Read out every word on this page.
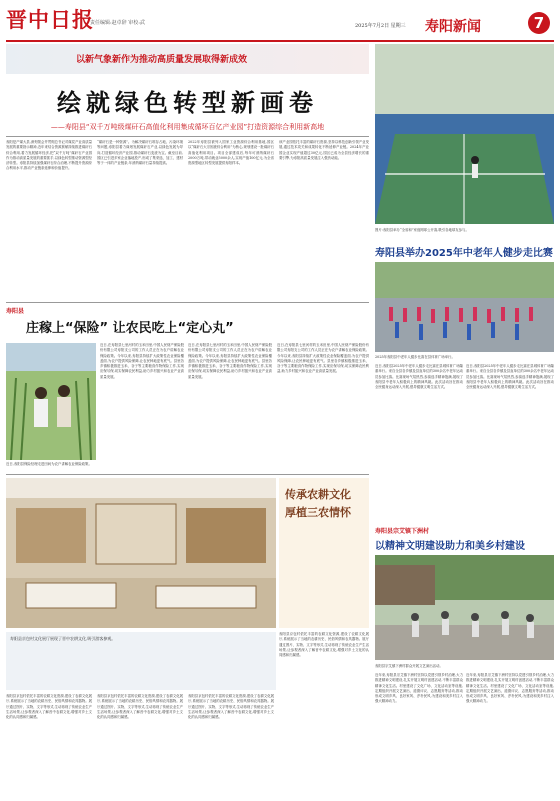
晋中日报
责任编辑:赵卓辞 审校:武	2025年7月2日 星期三 寿阳新闻	7
以新气象新作为推动高质量发展取得新成效
绘就绿色转型新画卷
——寿阳县“双千万吨级煤矸石高值化利用集成循环百亿产业园”打造资源综合利用新高地
寿阳是产煤大县,深刻领会并贯彻总书记对煤炭产业高质量发展的重要指示精神,近年来结合资源禀赋持续推进煤矸石综合利用,着力发展循环经济,把“双千万吨”煤矸石产业园作为推动高质量发展的重要抓手,以绿色转型推动资源型经济转型。寿阳县持续加强煤矸石综合治理,不断提升资源综合利用水平,推动产业链条延伸和价值提升。
“煤矸石是一种资源”。为解决煤矸石堆存占地、污染环境等问题,寿阳县着力谋划发展煤矸石产业,以绿色发展为导向,打造循环经济产业园,推动煤矸石变废为宝。截至目前,园区已引进多家企业落地投产,形成了集采选、加工、建材等于一体的产业链条,年消纳煤矸石量持续提高。
2022年寿阳县被列入国家工业资源综合利用基地,园区以“煤矸石大宗固废综合利用”为核心,规划建设一批煤矸石高值化利用项目。项目全部建成后,每年可消纳煤矸石2000万吨,带动就业5000余人,实现产值100亿元,为全省资源型地区转型发展提供寿阳样本。
该产业园依托丰富的煤矸石资源,坚持以科技创新引领产业发展,通过技术攻关和成果转化不断延伸产业链。2024年产业园企业实现产值超过30亿元,园区已成为全县经济增长的重要引擎,为寿阳高质量发展注入强劲动能。
图片:寿阳县举办“全省和”家庭网球公开赛,吸引各地球友参与。
寿阳县举办2025年中老年人健步走比赛
2025年寿阳县中老年人健步比赛在县体育广场举行。
近日,寿阳县2025年中老年人健步走比赛在县城体育广场隆重举行。来自全县各乡镇及县直单位的300余名中老年运动员参加比赛。比赛现场气氛热烈,参赛选手精神饱满,展现了寿阳县中老年人积极向上的精神风貌。此次活动旨在推动全民健身运动深入开展,倡导健康文明生活方式。
近日,寿阳县2025年中老年人健步走比赛在县城体育广场隆重举行。来自全县各乡镇及县直单位的300余名中老年运动员参加比赛。比赛现场气氛热烈,参赛选手精神饱满,展现了寿阳县中老年人积极向上的精神风貌。此次活动旨在推动全民健身运动深入开展,倡导健康文明生活方式。
寿阳县宗艾镇下洲村
以精神文明建设助力和美乡村建设
寿阳县宗艾镇下洲村群众开展文艺演出活动。
近年来,寿阳县宗艾镇下洲村坚持以党建引领乡村治理,大力推进精神文明建设,扎实开展文明村创建活动,不断丰富群众精神文化生活。村里建设了文化广场、文化活动室等设施,定期组织开展文艺演出、道德评议、志愿服务等活动,推动形成文明乡风、良好家风、淳朴民风,为建设和美乡村注入强大精神动力。
近年来,寿阳县宗艾镇下洲村坚持以党建引领乡村治理,大力推进精神文明建设,扎实开展文明村创建活动,不断丰富群众精神文化生活。村里建设了文化广场、文化活动室等设施,定期组织开展文艺演出、道德评议、志愿服务等活动,推动形成文明乡风、良好家风、淳朴民风,为建设和美乡村注入强大精神动力。
寿阳县
庄稼上“保险” 让农民吃上“定心丸”
近日,寿阳县保险经理走进田间为农户讲解农业保险政策。
近日,在寿阳县七里河村的玉米田里,中国人民财产保险股份有限公司寿阳支公司的工作人员正在为农户讲解农业保险政策。今年以来,寿阳县持续扩大政策性农业保险覆盖面,为农户提供风险保障,让农民种地更有底气。县里各乡镇积极推进玉米、谷子等主要粮食作物保险工作,实现应保尽保,切实保障农民利益,助力乡村振兴和农业产业高质量发展。
近日,在寿阳县七里河村的玉米田里,中国人民财产保险股份有限公司寿阳支公司的工作人员正在为农户讲解农业保险政策。今年以来,寿阳县持续扩大政策性农业保险覆盖面,为农户提供风险保障,让农民种地更有底气。县里各乡镇积极推进玉米、谷子等主要粮食作物保险工作,实现应保尽保,切实保障农民利益,助力乡村振兴和农业产业高质量发展。
近日,在寿阳县七里河村的玉米田里,中国人民财产保险股份有限公司寿阳支公司的工作人员正在为农户讲解农业保险政策。今年以来,寿阳县持续扩大政策性农业保险覆盖面,为农户提供风险保障,让农民种地更有底气。县里各乡镇积极推进玉米、谷子等主要粮食作物保险工作,实现应保尽保,切实保障农民利益,助力乡村振兴和农业产业高质量发展。
传承农耕文化 厚植三农情怀
寿阳县京包村文化展厅展现了晋中农耕文化,吸引游客参观。
寿阳县京包村依托丰富的农耕文化资源,建设了农耕文化展厅,系统展示了当地的农耕历史、民俗风情和农具器物。展厅通过图片、实物、文字等形式,生动再现了传统农业生产生活场景,让参观者深入了解晋中农耕文化,增强对乡土文化的认同感和归属感。
寿阳县京包村依托丰富的农耕文化资源,建设了农耕文化展厅,系统展示了当地的农耕历史、民俗风情和农具器物。展厅通过图片、实物、文字等形式,生动再现了传统农业生产生活场景,让参观者深入了解晋中农耕文化,增强对乡土文化的认同感和归属感。
寿阳县京包村依托丰富的农耕文化资源,建设了农耕文化展厅,系统展示了当地的农耕历史、民俗风情和农具器物。展厅通过图片、实物、文字等形式,生动再现了传统农业生产生活场景,让参观者深入了解晋中农耕文化,增强对乡土文化的认同感和归属感。
寿阳县京包村依托丰富的农耕文化资源,建设了农耕文化展厅,系统展示了当地的农耕历史、民俗风情和农具器物。展厅通过图片、实物、文字等形式,生动再现了传统农业生产生活场景,让参观者深入了解晋中农耕文化,增强对乡土文化的认同感和归属感。
